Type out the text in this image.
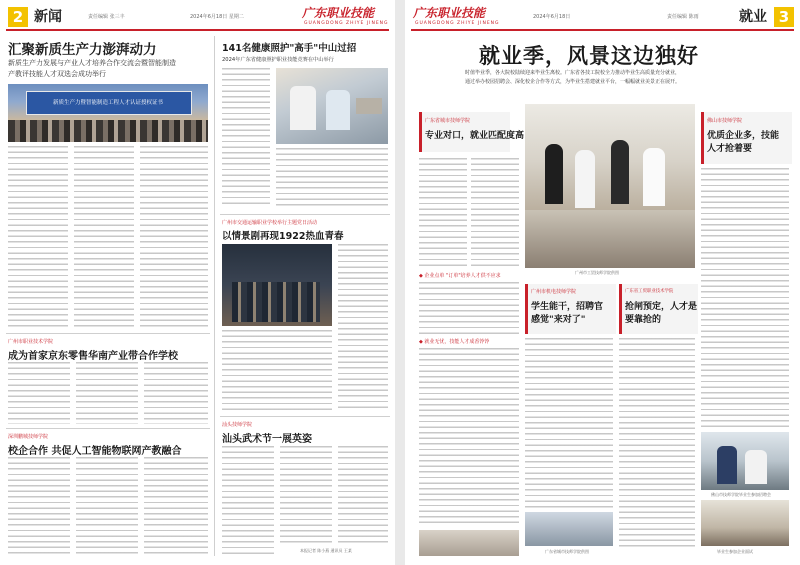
2 新闻	责任编辑 张三丰	2024年6月18日 星期二	广东职业技能
GUANGDONG ZHIYE JINENG
汇聚新质生产力澎湃动力
新质生产力发展与产业人才培养合作交流会暨智能制造
产教评技能人才双选会成功举行
新质生产力暨智能制造工程人才认证授权证书
141名健康照护"高手"中山过招
2024年广东省健康照护职业技能竞赛在中山举行
广州市交通运输职业学校举行主题党日活动
以情景剧再现1922热血青春
广州市职业技术学院
成为首家京东零售华南产业带合作学校
深圳鹏城技师学院
校企合作 共促人工智能物联网产教融合
汕头技师学院
汕头武术节一展英姿
本报记者 陈小燕 通讯员 王某
广东职业技能
GUANGDONG ZHIYE JINENG
2024年6月18日	责任编辑 陈雨	就业 3
就业季，风景这边独好
时值毕业季，各大院校陆续迎来毕业生离校。广东省各技工院校全力推动毕业生高质量充分就业，
通过举办校园招聘会、深化校企合作等方式，为毕业生搭建就业平台，一幅幅就业美景正在展开。
广东省城市技师学院
专业对口，就业匹配度高
广州市工贸技师学院供图
佛山市技师学院
优质企业多，技能
人才抢着要
◆ 企业点单 "订单"培养人才供不应求
广州市机电技师学院
学生能干，招聘官
感觉"来对了"
广东省工贸职业技术学院
抢闸预定，人才是
要靠抢的
◆ 就业无忧，技能人才成香饽饽
广东省城市技师学院供图
佛山市技师学院毕业生参加招聘会
毕业生参加企业面试
